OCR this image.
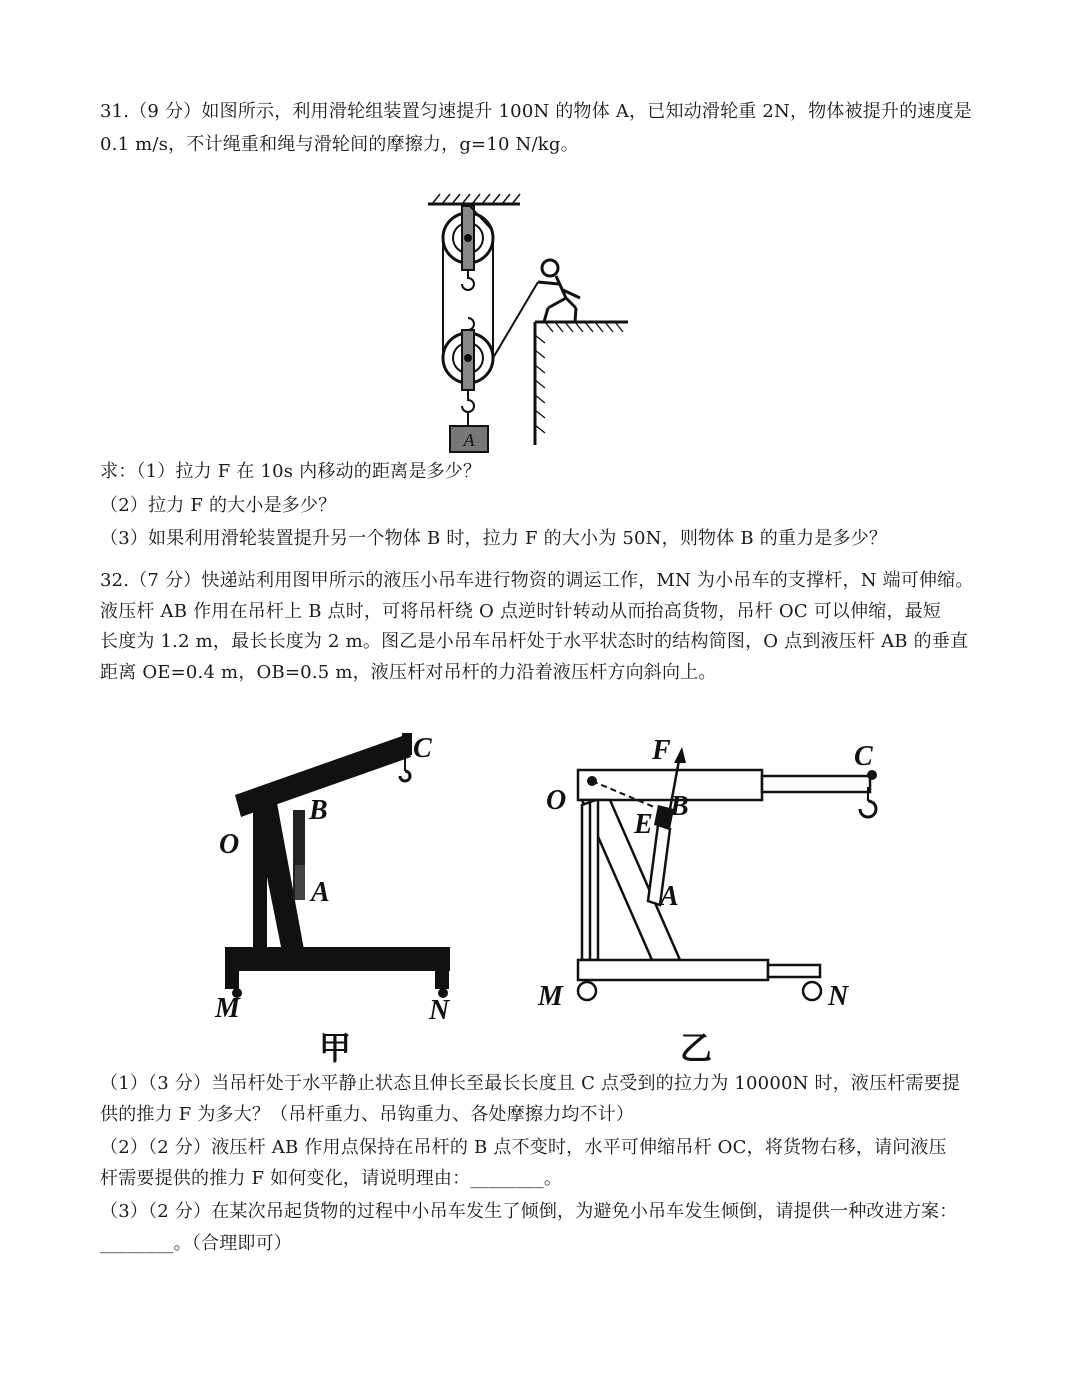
31.（9 分）如图所示，利用滑轮组装置匀速提升 100N 的物体 A，已知动滑轮重 2N，物体被提升的速度是
0.1 m/s，不计绳重和绳与滑轮间的摩擦力，g=10 N/kg。
A
求：（1）拉力 F 在 10s 内移动的距离是多少？
（2）拉力 F 的大小是多少？
（3）如果利用滑轮装置提升另一个物体 B 时，拉力 F 的大小为 50N，则物体 B 的重力是多少？
32.（7 分）快递站利用图甲所示的液压小吊车进行物资的调运工作，MN 为小吊车的支撑杆，N 端可伸缩。
液压杆 AB 作用在吊杆上 B 点时，可将吊杆绕 O 点逆时针转动从而抬高货物，吊杆 OC 可以伸缩，最短
长度为 1.2 m，最长长度为 2 m。图乙是小吊车吊杆处于水平状态时的结构简图，O 点到液压杆 AB 的垂直
距离 OE=0.4 m，OB=0.5 m，液压杆对吊杆的力沿着液压杆方向斜向上。
C
B
O
A
M	N
甲
F	C
O
E
B
A
M	N
乙
（1）（3 分）当吊杆处于水平静止状态且伸长至最长长度且 C 点受到的拉力为 10000N 时，液压杆需要提
供的推力 F 为多大？（吊杆重力、吊钩重力、各处摩擦力均不计）
（2）（2 分）液压杆 AB 作用点保持在吊杆的 B 点不变时，水平可伸缩吊杆 OC，将货物右移，请问液压
杆需要提供的推力 F 如何变化，请说明理由：________。
（3）（2 分）在某次吊起货物的过程中小吊车发生了倾倒，为避免小吊车发生倾倒，请提供一种改进方案：
________。（合理即可）
